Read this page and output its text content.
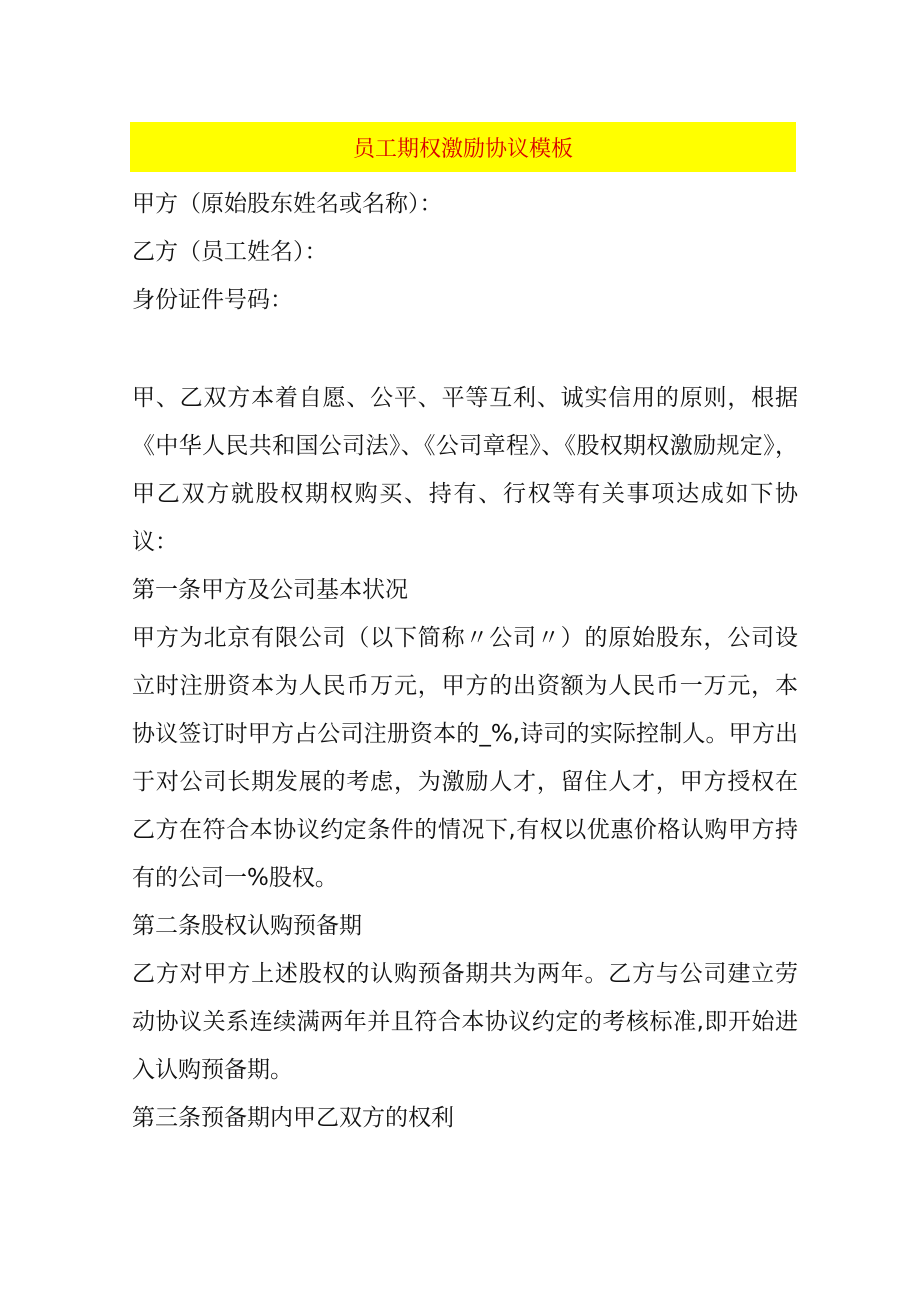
员工期权激励协议模板
甲方（原始股东姓名或名称）：
乙方（员工姓名）：
身份证件号码：
甲、乙双方本着自愿、公平、平等互利、诚实信用的原则，根据《中华人民共和国公司法》、《公司章程》、《股权期权激励规定》，甲乙双方就股权期权购买、持有、行权等有关事项达成如下协议：
第一条甲方及公司基本状况
甲方为北京有限公司（以下简称〃公司〃）的原始股东，公司设立时注册资本为人民币万元，甲方的出资额为人民币一万元，本协议签订时甲方占公司注册资本的_%,诗司的实际控制人。甲方出于对公司长期发展的考虑，为激励人才，留住人才，甲方授权在乙方在符合本协议约定条件的情况下,有权以优惠价格认购甲方持有的公司一%股权。
第二条股权认购预备期
乙方对甲方上述股权的认购预备期共为两年。乙方与公司建立劳动协议关系连续满两年并且符合本协议约定的考核标准,即开始进入认购预备期。
第三条预备期内甲乙双方的权利
